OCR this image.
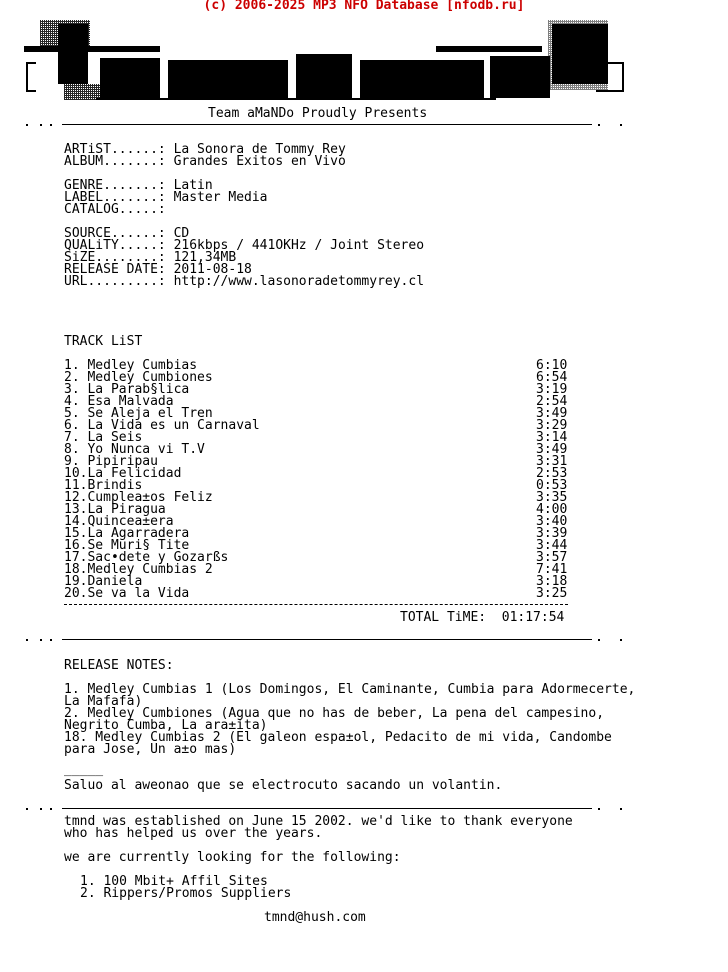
(c) 2006-2025 MP3 NFO Database [nfodb.ru]
Team aMaNDo Proudly Presents
ARTiST......: La Sonora de Tommy Rey
ALBUM.......: Grandes Exitos en Vivo
GENRE.......: Latin
LABEL.......: Master Media
CATALOG.....:
SOURCE......: CD
QUALiTY.....: 216kbps / 441OKHz / Joint Stereo
SiZE........: 121,34MB
RELEASE DATE: 2011-08-18
URL.........: http://www.lasonoradetommyrey.cl
TRACK LiST
1. Medley Cumbias	6:10
2. Medley Cumbiones	6:54
3. La Parab§lica	3:19
4. Esa Malvada	2:54
5. Se Aleja el Tren	3:49
6. La Vida es un Carnaval	3:29
7. La Seis	3:14
8. Yo Nunca vi T.V	3:49
9. Pipiripau	3:31
10.La Felicidad	2:53
11.Brindis	0:53
12.Cumplea±os Feliz	3:35
13.La Piragua	4:00
14.Quincea±era	3:40
15.La Agarradera	3:39
16.Se Muri§ Tite	3:44
17.Sac•dete y Gozarßs	3:57
18.Medley Cumbias 2	7:41
19.Daniela	3:18
20.Se va la Vida	3:25
TOTAL TiME: 01:17:54
RELEASE NOTES:
1. Medley Cumbias 1 (Los Domingos, El Caminante, Cumbia para Adormecerte,
La Mafafa)
2. Medley Cumbiones (Agua que no has de beber, La pena del campesino,
Negrito Cumba, La ara±ita)
18. Medley Cumbias 2 (El galeon espa±ol, Pedacito de mi vida, Candombe
para Jose, Un a±o mas)
_____
Saluo al aweonao que se electrocuto sacando un volantin.
tmnd was established on June 15 2002. we'd like to thank everyone
who has helped us over the years.
we are currently looking for the following:
1. 100 Mbit+ Affil Sites
2. Rippers/Promos Suppliers
tmnd@hush.com
